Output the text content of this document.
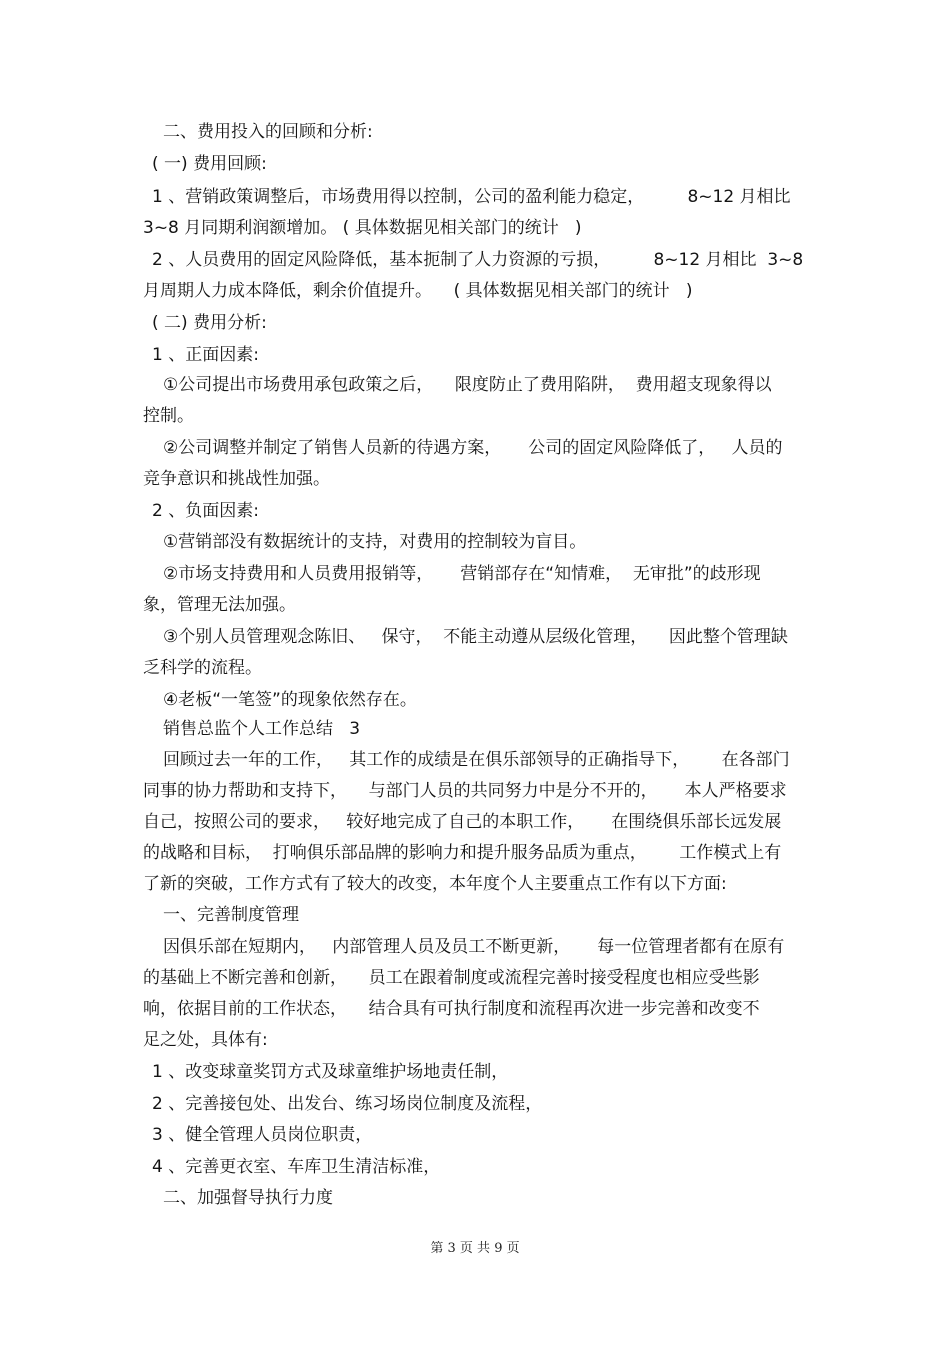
二、费用投入的回顾和分析:
( 一) 费用回顾:
1 、营销政策调整后，市场费用得以控制，公司的盈利能力稳定，        8~12 月相比
3~8 月同期利润额增加。 ( 具体数据见相关部门的统计   )
2 、人员费用的固定风险降低，基本扼制了人力资源的亏损，        8~12 月相比  3~8
月周期人力成本降低，剩余价值提升。    ( 具体数据见相关部门的统计   )
( 二) 费用分析:
1 、正面因素:
①公司提出市场费用承包政策之后，    限度防止了费用陷阱，  费用超支现象得以
控制。
②公司调整并制定了销售人员新的待遇方案，     公司的固定风险降低了，   人员的
竞争意识和挑战性加强。
2 、负面因素:
①营销部没有数据统计的支持，对费用的控制较为盲目。
②市场支持费用和人员费用报销等，     营销部存在“知情难，  无审批”的歧形现
象，管理无法加强。
③个别人员管理观念陈旧、   保守，  不能主动遵从层级化管理，    因此整个管理缺
乏科学的流程。
④老板“一笔签”的现象依然存在。
销售总监个人工作总结   3
回顾过去一年的工作，   其工作的成绩是在俱乐部领导的正确指导下，      在各部门
同事的协力帮助和支持下，    与部门人员的共同努力中是分不开的，     本人严格要求
自己，按照公司的要求，   较好地完成了自己的本职工作，     在围绕俱乐部长远发展
的战略和目标，  打响俱乐部品牌的影响力和提升服务品质为重点，      工作模式上有
了新的突破，工作方式有了较大的改变，本年度个人主要重点工作有以下方面:
一、完善制度管理
因俱乐部在短期内，   内部管理人员及员工不断更新，     每一位管理者都有在原有
的基础上不断完善和创新，    员工在跟着制度或流程完善时接受程度也相应受些影
响，依据目前的工作状态，    结合具有可执行制度和流程再次进一步完善和改变不
足之处，具体有:
1 、改变球童奖罚方式及球童维护场地责任制，
2 、完善接包处、出发台、练习场岗位制度及流程，
3 、健全管理人员岗位职责，
4 、完善更衣室、车库卫生清洁标准，
二、加强督导执行力度
第 3 页 共 9 页
